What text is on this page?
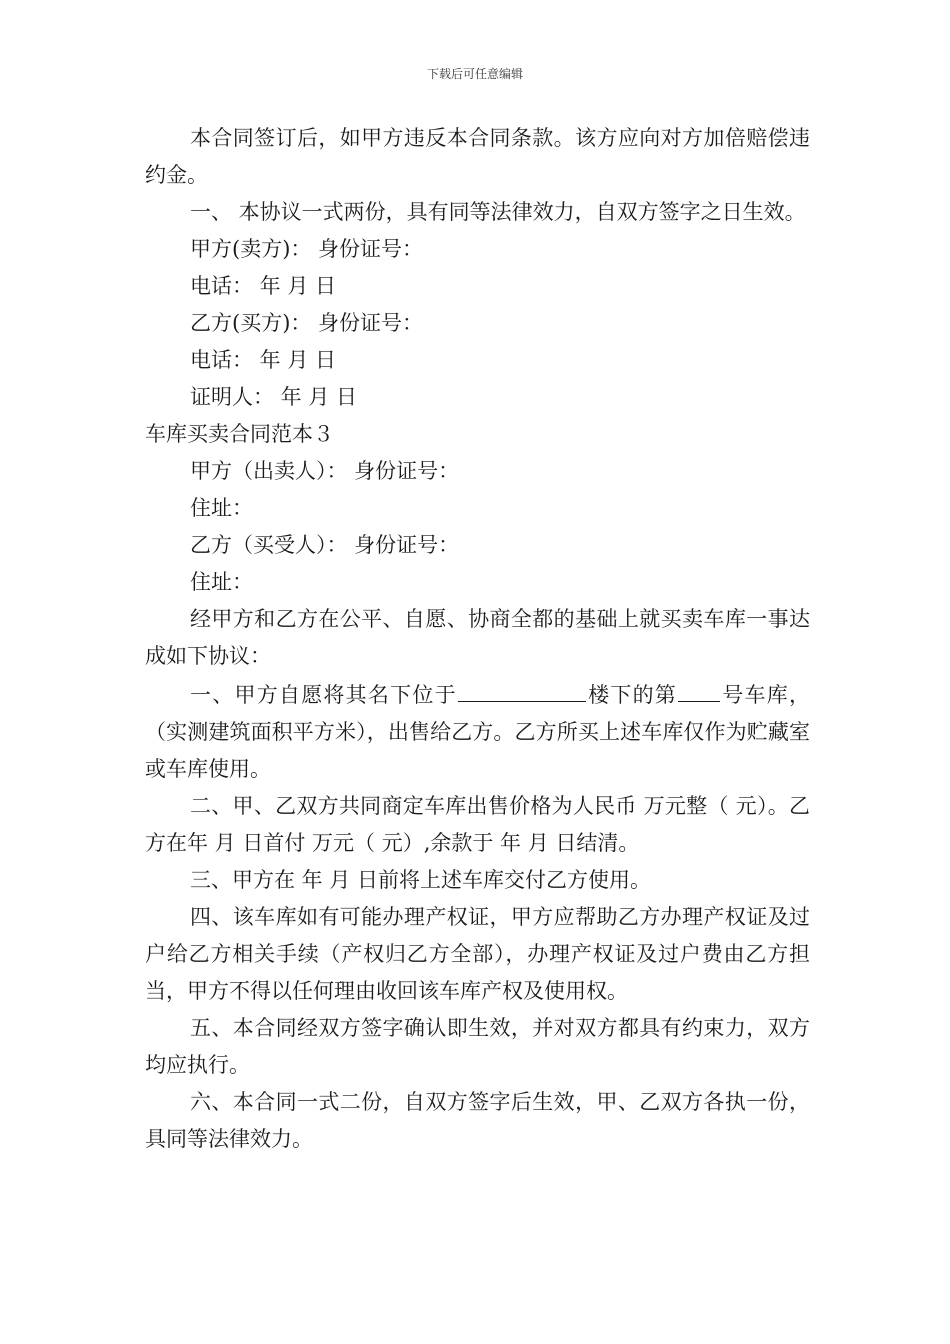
下载后可任意编辑

本合同签订后，如甲方违反本合同条款。该方应向对方加倍赔偿违约金。

一、 本协议一式两份，具有同等法律效力，自双方签字之日生效。

甲方(卖方)： 身份证号：

电话： 年 月 日

乙方(买方)： 身份证号：

电话： 年 月 日

证明人： 年 月 日

车库买卖合同范本３

甲方（出卖人）： 身份证号：

住址：

乙方（买受人）： 身份证号：

住址：

经甲方和乙方在公平、自愿、协商全都的基础上就买卖车库一事达成如下协议：

一、甲方自愿将其名下位于	楼下的第 号车库，（实测建筑面积平方米），出售给乙方。乙方所买上述车库仅作为贮藏室或车库使用。

二、甲、乙双方共同商定车库出售价格为人民币 万元整（ 元）。乙方在年 月 日首付 万元（ 元）,余款于 年 月 日结清。

三、甲方在 年 月 日前将上述车库交付乙方使用。

四、该车库如有可能办理产权证，甲方应帮助乙方办理产权证及过户给乙方相关手续（产权归乙方全部），办理产权证及过户费由乙方担当，甲方不得以任何理由收回该车库产权及使用权。

五、本合同经双方签字确认即生效，并对双方都具有约束力，双方均应执行。

六、本合同一式二份，自双方签字后生效，甲、乙双方各执一份，具同等法律效力。
